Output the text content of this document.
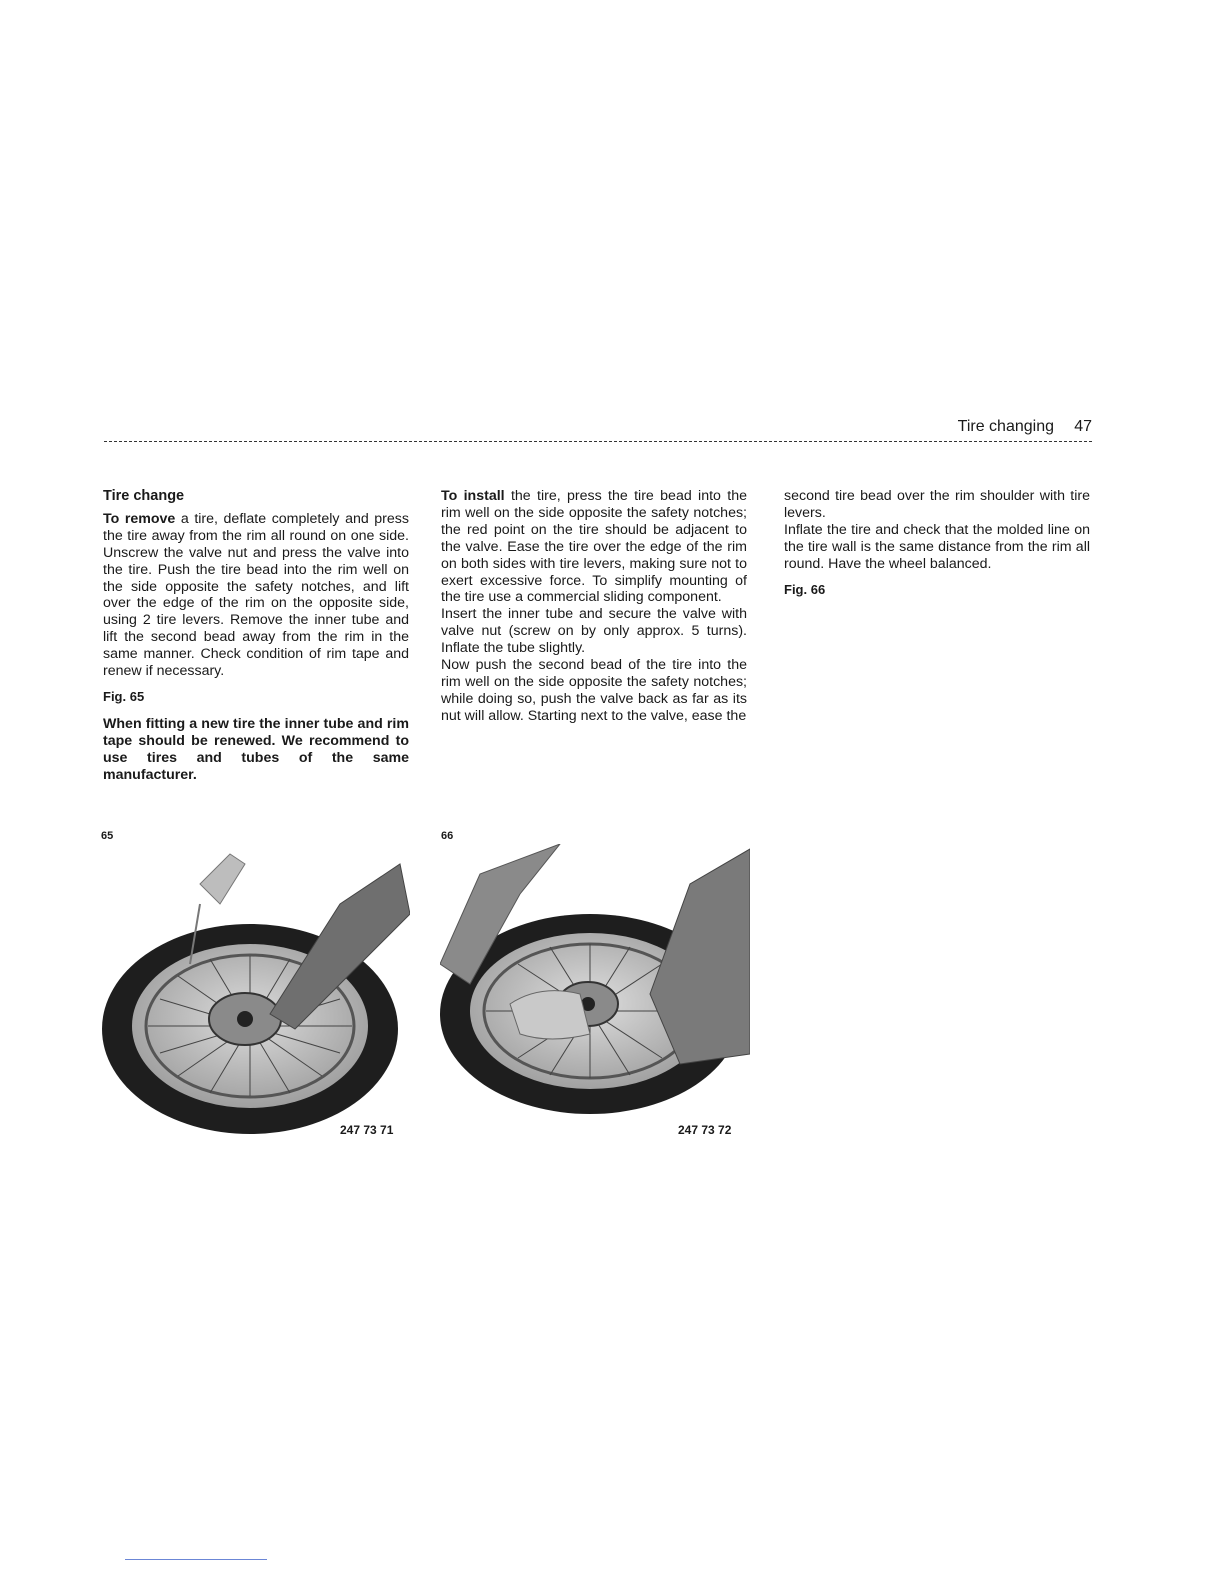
Tire changing 47

Tire change

To remove a tire, deflate completely and press the tire away from the rim all round on one side. Unscrew the valve nut and press the valve into the tire. Push the tire bead into the rim well on the side opposite the safety notches, and lift over the edge of the rim on the opposite side, using 2 tire levers. Remove the inner tube and lift the second bead away from the rim in the same manner. Check condition of rim tape and renew if necessary.

Fig. 65

When fitting a new tire the inner tube and rim tape should be renewed. We recommend to use tires and tubes of the same manufacturer.

To install the tire, press the tire bead into the rim well on the side opposite the safety notches; the red point on the tire should be adjacent to the valve. Ease the tire over the edge of the rim on both sides with tire levers, making sure not to exert excessive force. To simplify mounting of the tire use a commercial sliding component.

Insert the inner tube and secure the valve with valve nut (screw on by only approx. 5 turns). Inflate the tube slightly.

Now push the second bead of the tire into the rim well on the side opposite the safety notches; while doing so, push the valve back as far as its nut will allow. Starting next to the valve, ease the

second tire bead over the rim shoulder with tire levers.

Inflate the tire and check that the molded line on the tire wall is the same distance from the rim all round. Have the wheel balanced.

Fig. 66

65
247 73 71
66
247 73 72
